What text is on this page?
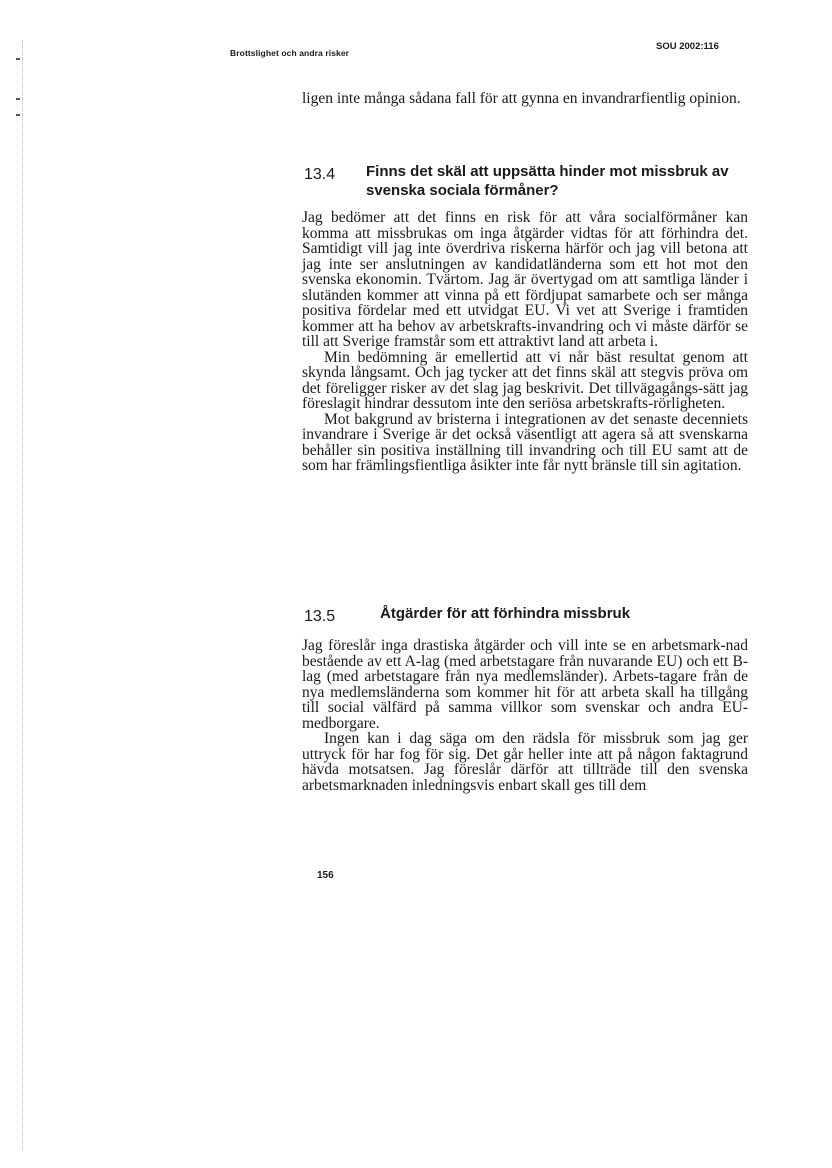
Brottslighet och andra risker
SOU 2002:116

ligen inte många sådana fall för att gynna en invandrarfientlig opinion.

13.4 Finns det skäl att uppsätta hinder mot missbruk av svenska sociala förmåner?

Jag bedömer att det finns en risk för att våra socialförmåner kan komma att missbrukas om inga åtgärder vidtas för att förhindra det. Samtidigt vill jag inte överdriva riskerna härför och jag vill betona att jag inte ser anslutningen av kandidatländerna som ett hot mot den svenska ekonomin. Tvärtom. Jag är övertygad om att samtliga länder i slutänden kommer att vinna på ett fördjupat samarbete och ser många positiva fördelar med ett utvidgat EU. Vi vet att Sverige i framtiden kommer att ha behov av arbetskrafts-invandring och vi måste därför se till att Sverige framstår som ett attraktivt land att arbeta i.

Min bedömning är emellertid att vi når bäst resultat genom att skynda långsamt. Och jag tycker att det finns skäl att stegvis pröva om det föreligger risker av det slag jag beskrivit. Det tillvägagångs-sätt jag föreslagit hindrar dessutom inte den seriösa arbetskrafts-rörligheten.

Mot bakgrund av bristerna i integrationen av det senaste decenniets invandrare i Sverige är det också väsentligt att agera så att svenskarna behåller sin positiva inställning till invandring och till EU samt att de som har främlingsfientliga åsikter inte får nytt bränsle till sin agitation.

13.5	Åtgärder för att förhindra missbruk

Jag föreslår inga drastiska åtgärder och vill inte se en arbetsmark-nad bestående av ett A-lag (med arbetstagare från nuvarande EU) och ett B-lag (med arbetstagare från nya medlemsländer). Arbets-tagare från de nya medlemsländerna som kommer hit för att arbeta skall ha tillgång till social välfärd på samma villkor som svenskar och andra EU-medborgare.

Ingen kan i dag säga om den rädsla för missbruk som jag ger uttryck för har fog för sig. Det går heller inte att på någon faktagrund hävda motsatsen. Jag föreslår därför att tillträde till den svenska arbetsmarknaden inledningsvis enbart skall ges till dem

156
